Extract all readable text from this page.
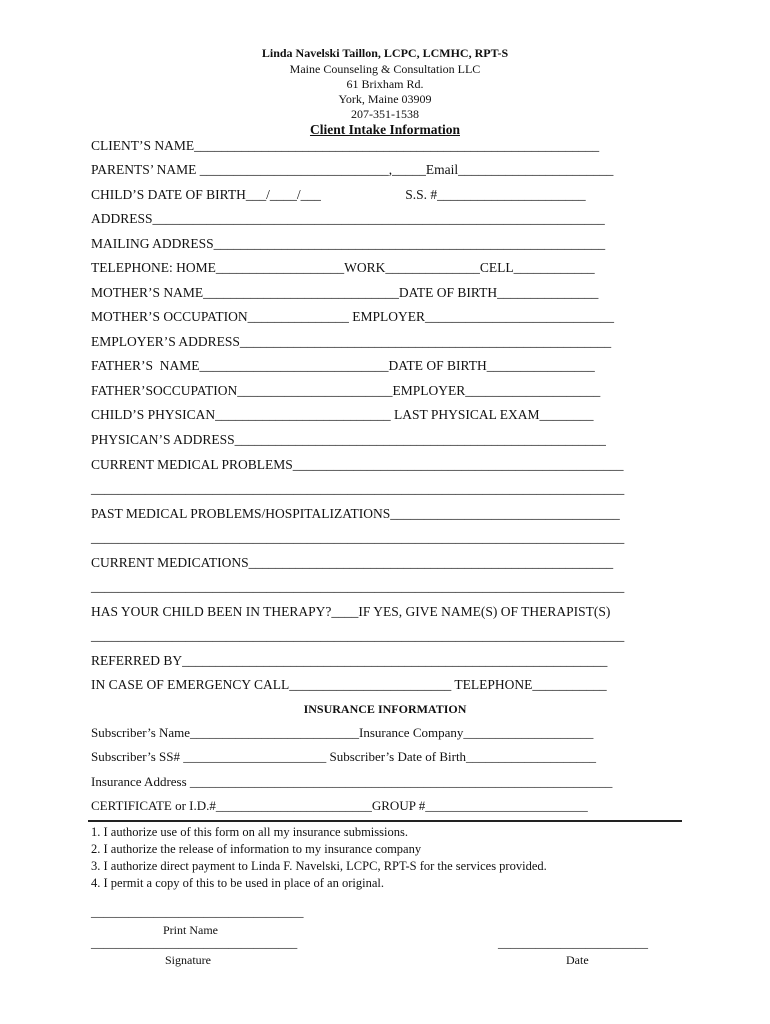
Linda Navelski Taillon, LCPC, LCMHC, RPT-S
Maine Counseling & Consultation LLC
61 Brixham Rd.
York, Maine 03909
207-351-1538
Client Intake Information
CLIENT’S NAME____________________________________________________________
PARENTS’ NAME ____________________________,_____Email_______________________
CHILD’S DATE OF BIRTH___/____/___                         S.S. #______________________
ADDRESS___________________________________________________________________
MAILING ADDRESS__________________________________________________________
TELEPHONE: HOME___________________WORK______________CELL____________
MOTHER’S NAME_____________________________DATE OF BIRTH_______________
MOTHER’S OCCUPATION_______________ EMPLOYER____________________________
EMPLOYER’S ADDRESS_______________________________________________________
FATHER’S  NAME____________________________DATE OF BIRTH________________
FATHER’SOCCUPATION_______________________EMPLOYER____________________
CHILD’S PHYSICAN__________________________ LAST PHYSICAL EXAM________
PHYSICAN’S ADDRESS_______________________________________________________
CURRENT MEDICAL PROBLEMS_________________________________________________
_______________________________________________________________________________
PAST MEDICAL PROBLEMS/HOSPITALIZATIONS__________________________________
_______________________________________________________________________________
CURRENT MEDICATIONS______________________________________________________
_______________________________________________________________________________
HAS YOUR CHILD BEEN IN THERAPY?____IF YES, GIVE NAME(S) OF THERAPIST(S)
_______________________________________________________________________________
REFERRED BY_______________________________________________________________
IN CASE OF EMERGENCY CALL________________________ TELEPHONE___________
INSURANCE INFORMATION
Subscriber’s Name__________________________Insurance Company____________________
Subscriber’s SS# ______________________ Subscriber’s Date of Birth____________________
Insurance Address _________________________________________________________________
CERTIFICATE or I.D.#________________________GROUP #_________________________
1. I authorize use of this form on all my insurance submissions.
2. I authorize the release of information to my insurance company
3. I authorize direct payment to Linda F. Navelski, LCPC, RPT-S for the services provided.
4. I permit a copy of this to be used in place of an original.
__________________________________
Print Name
_________________________________	________________________
Signature	Date
